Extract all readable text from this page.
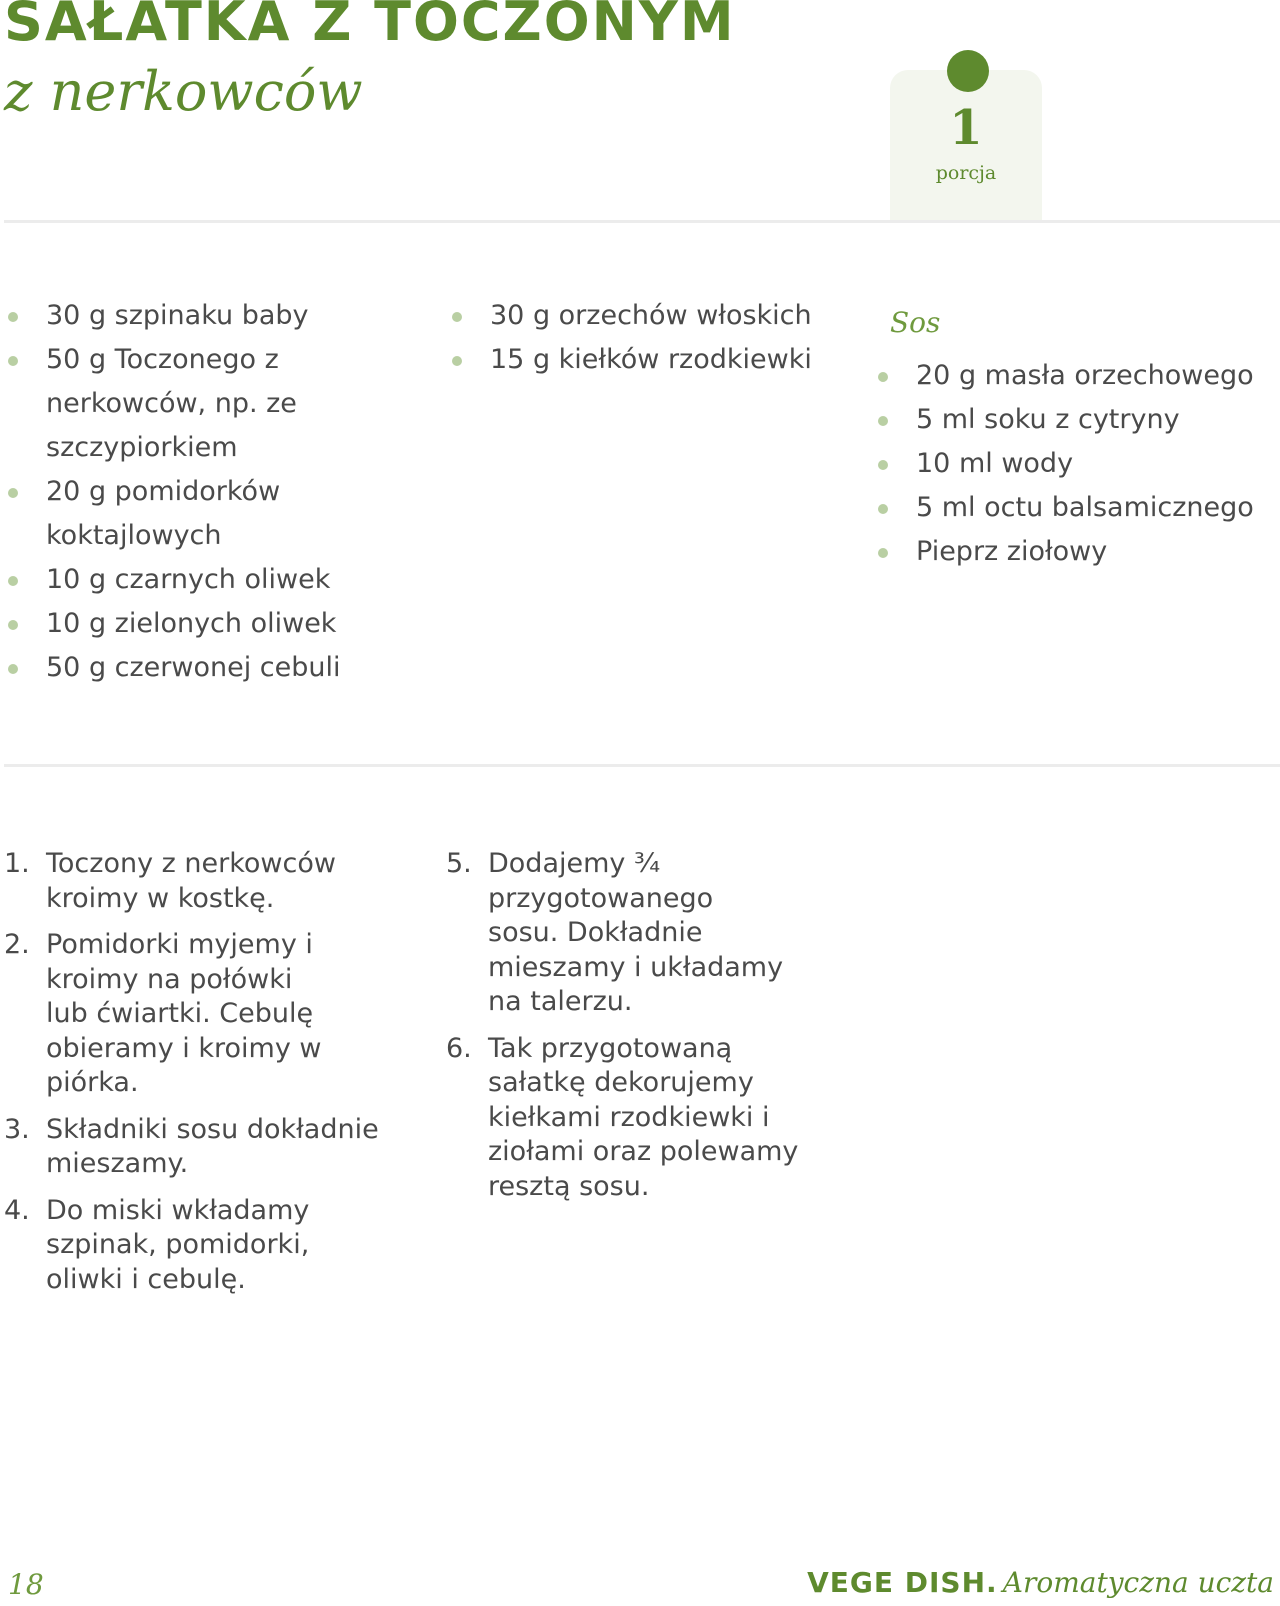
SAŁATKA Z TOCZONYM
z nerkowców
1
porcja
30 g szpinaku baby
50 g Toczonego z nerkowców, np. ze szczypiorkiem
20 g pomidorków koktajlowych
10 g czarnych oliwek
10 g zielonych oliwek
50 g czerwonej cebuli
30 g orzechów włoskich
15 g kiełków rzodkiewki
Sos
20 g masła orzechowego
5 ml soku z cytryny
10 ml wody
5 ml octu balsamicznego
Pieprz ziołowy
1. Toczony z nerkowców kroimy w kostkę.
2. Pomidorki myjemy i kroimy na połówki lub ćwiartki. Cebulę obieramy i kroimy w piórka.
3. Składniki sosu dokładnie mieszamy.
4. Do miski wkładamy szpinak, pomidorki, oliwki i cebulę.
5. Dodajemy ¾ przygotowanego sosu. Dokładnie mieszamy i układamy na talerzu.
6. Tak przygotowaną sałatkę dekorujemy kiełkami rzodkiewki i ziołami oraz polewamy resztą sosu.
18	VEGE DISH. Aromatyczna uczta
